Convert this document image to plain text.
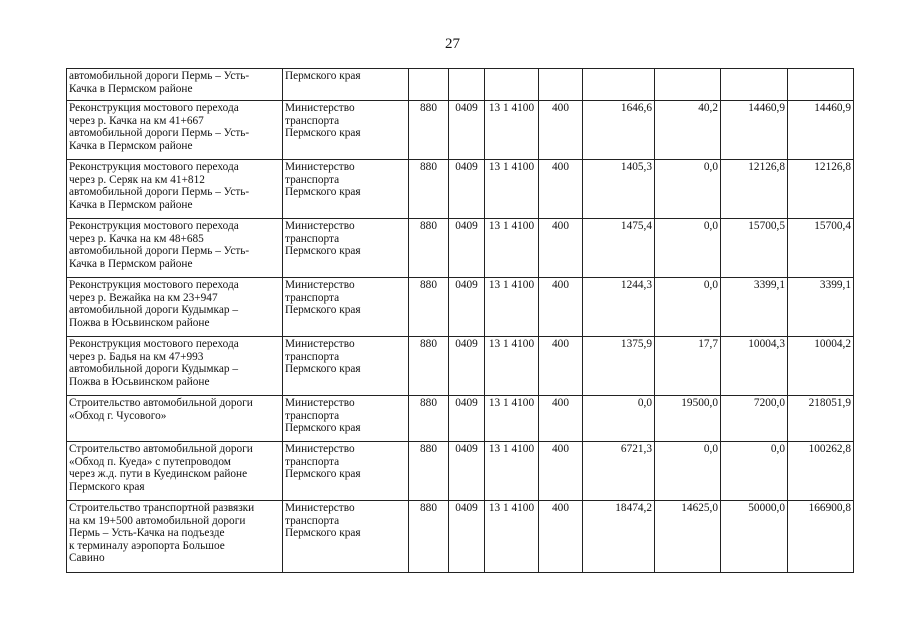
27
автомобильной дороги Пермь – Усть-
Качка в Пермском районе	Пермского края								
Реконструкция мостового перехода
через р. Качка на км 41+667
автомобильной дороги Пермь – Усть-
Качка в Пермском районе	Министерство
транспорта
Пермского края	880	0409	13 1 4100	400	1646,6	40,2	14460,9	14460,9
Реконструкция мостового перехода
через р. Серяк на км 41+812
автомобильной дороги Пермь – Усть-
Качка в Пермском районе	Министерство
транспорта
Пермского края	880	0409	13 1 4100	400	1405,3	0,0	12126,8	12126,8
Реконструкция мостового перехода
через р. Качка на км 48+685
автомобильной дороги Пермь – Усть-
Качка в Пермском районе	Министерство
транспорта
Пермского края	880	0409	13 1 4100	400	1475,4	0,0	15700,5	15700,4
Реконструкция мостового перехода
через р. Вежайка на км 23+947
автомобильной дороги Кудымкар –
Пожва в Юсьвинском районе	Министерство
транспорта
Пермского края	880	0409	13 1 4100	400	1244,3	0,0	3399,1	3399,1
Реконструкция мостового перехода
через р. Бадья на км 47+993
автомобильной дороги Кудымкар –
Пожва в Юсьвинском районе	Министерство
транспорта
Пермского края	880	0409	13 1 4100	400	1375,9	17,7	10004,3	10004,2
Строительство автомобильной дороги
«Обход г. Чусового»	Министерство
транспорта
Пермского края	880	0409	13 1 4100	400	0,0	19500,0	7200,0	218051,9
Строительство автомобильной дороги
«Обход п. Куеда» с путепроводом
через ж.д. пути в Куединском районе
Пермского края	Министерство
транспорта
Пермского края	880	0409	13 1 4100	400	6721,3	0,0	0,0	100262,8
Строительство транспортной развязки
на км 19+500 автомобильной дороги
Пермь – Усть-Качка на подъезде
к терминалу аэропорта Большое
Савино	Министерство
транспорта
Пермского края	880	0409	13 1 4100	400	18474,2	14625,0	50000,0	166900,8
